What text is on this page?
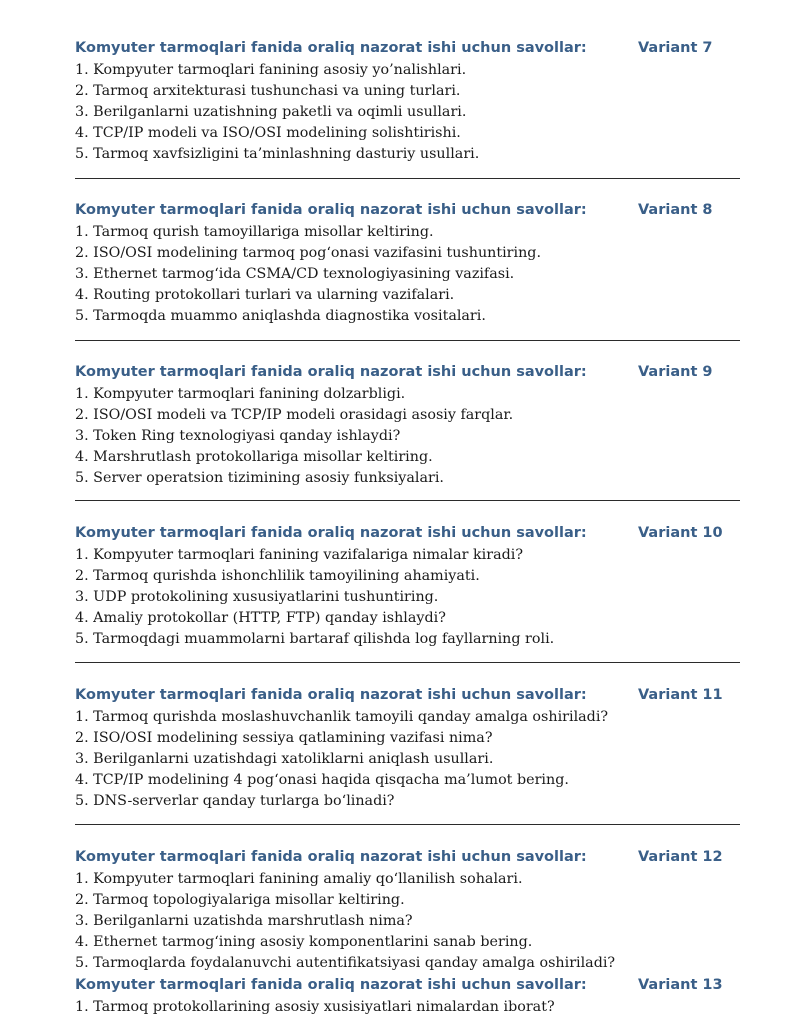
Komyuter tarmoqlari fanida oraliq nazorat ishi uchun savollar:	Variant 7
1. Kompyuter tarmoqlari fanining asosiy yo’nalishlari.
2. Tarmoq arxitekturasi tushunchasi va uning turlari.
3. Berilganlarni uzatishning paketli va oqimli usullari.
4. TCP/IP modeli va ISO/OSI modelining solishtirishi.
5. Tarmoq xavfsizligini ta’minlashning dasturiy usullari.
Komyuter tarmoqlari fanida oraliq nazorat ishi uchun savollar:	Variant 8
1. Tarmoq qurish tamoyillariga misollar keltiring.
2. ISO/OSI modelining tarmoq pog‘onasi vazifasini tushuntiring.
3. Ethernet tarmog‘ida CSMA/CD texnologiyasining vazifasi.
4. Routing protokollari turlari va ularning vazifalari.
5. Tarmoqda muammo aniqlashda diagnostika vositalari.
Komyuter tarmoqlari fanida oraliq nazorat ishi uchun savollar:	Variant 9
1. Kompyuter tarmoqlari fanining dolzarbligi.
2. ISO/OSI modeli va TCP/IP modeli orasidagi asosiy farqlar.
3. Token Ring texnologiyasi qanday ishlaydi?
4. Marshrutlash protokollariga misollar keltiring.
5. Server operatsion tizimining asosiy funksiyalari.
Komyuter tarmoqlari fanida oraliq nazorat ishi uchun savollar:	Variant 10
1. Kompyuter tarmoqlari fanining vazifalariga nimalar kiradi?
2. Tarmoq qurishda ishonchlilik tamoyilining ahamiyati.
3. UDP protokolining xususiyatlarini tushuntiring.
4. Amaliy protokollar (HTTP, FTP) qanday ishlaydi?
5. Tarmoqdagi muammolarni bartaraf qilishda log fayllarning roli.
Komyuter tarmoqlari fanida oraliq nazorat ishi uchun savollar:	Variant 11
1. Tarmoq qurishda moslashuvchanlik tamoyili qanday amalga oshiriladi?
2. ISO/OSI modelining sessiya qatlamining vazifasi nima?
3. Berilganlarni uzatishdagi xatoliklarni aniqlash usullari.
4. TCP/IP modelining 4 pog‘onasi haqida qisqacha ma’lumot bering.
5. DNS-serverlar qanday turlarga bo‘linadi?
Komyuter tarmoqlari fanida oraliq nazorat ishi uchun savollar:	Variant 12
1. Kompyuter tarmoqlari fanining amaliy qo‘llanilish sohalari.
2. Tarmoq topologiyalariga misollar keltiring.
3. Berilganlarni uzatishda marshrutlash nima?
4. Ethernet tarmog‘ining asosiy komponentlarini sanab bering.
5. Tarmoqlarda foydalanuvchi autentifikatsiyasi qanday amalga oshiriladi?
Komyuter tarmoqlari fanida oraliq nazorat ishi uchun savollar:	Variant 13
1. Tarmoq protokollarining asosiy xusisiyatlari nimalardan iborat?
